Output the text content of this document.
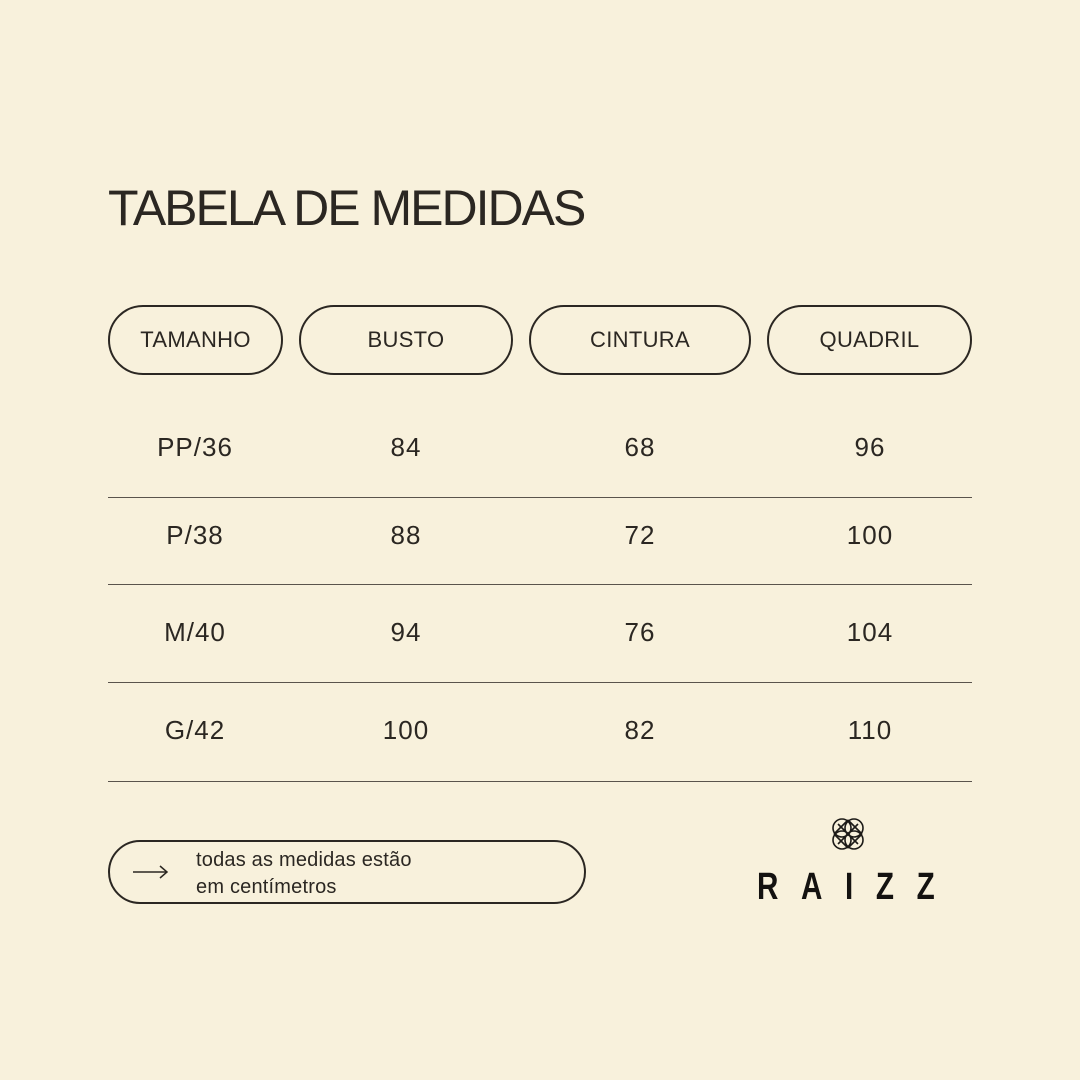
TABELA DE MEDIDAS
TAMANHO	BUSTO	CINTURA	QUADRIL
PP/36	84	68	96
P/38	88	72	100
M/40	94	76	104
G/42	100	82	110
todas as medidas estão
em centímetros	RAIZZ
